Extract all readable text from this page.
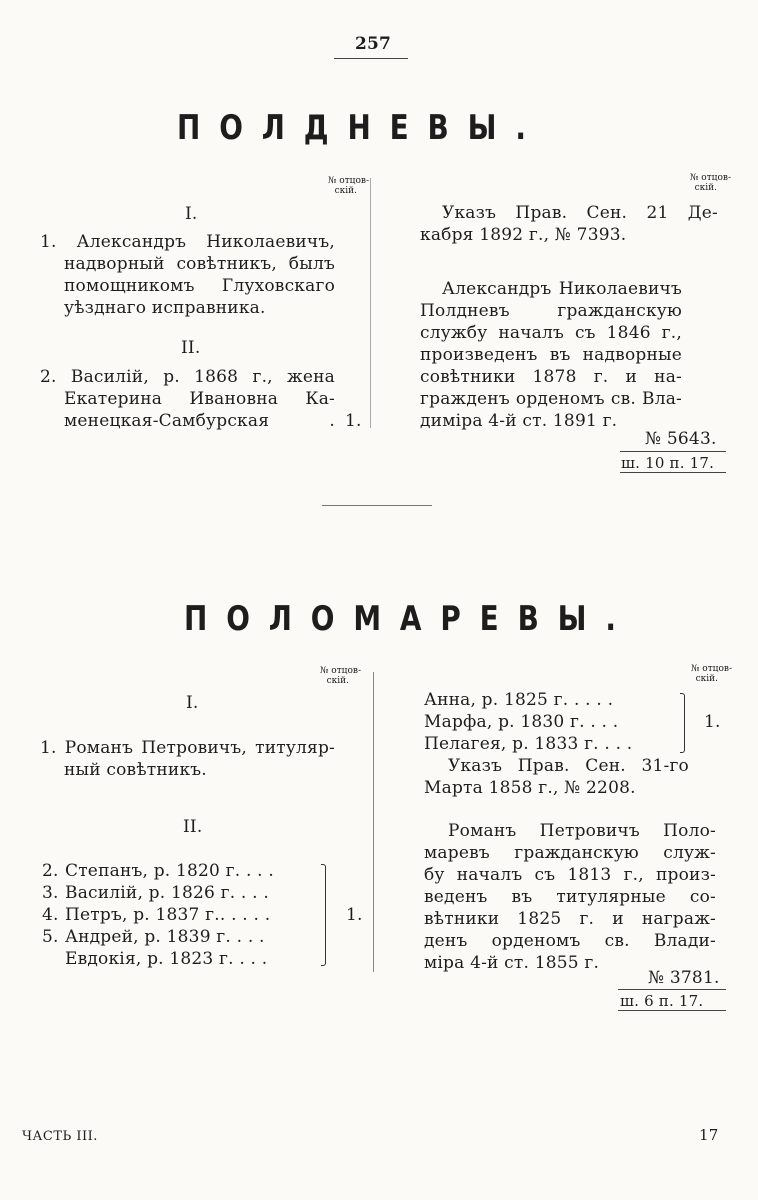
257
ПОЛДНЕВЫ.
№ отцов-
скій.
№ отцов-
скій.
I.
1. Александръ Николаевичъ,
надворный совѣтникъ, былъ
помощникомъ Глуховскаго
уѣзднаго исправника.
II.
2. Василій, р. 1868 г., жена
Екатерина Ивановна Ка-
менецкая-Самбурская . 1.
Указъ Прав. Сен. 21 Де-
кабря 1892 г., № 7393.
Александръ Николаевичъ
Полдневъ гражданскую
службу началъ съ 1846 г.,
произведенъ въ надворные
совѣтники 1878 г. и на-
гражденъ орденомъ св. Вла-
диміра 4-й ст. 1891 г.
№ 5643.
ш. 10 п. 17.
ПОЛОМАРЕВЫ.
№ отцов-
скій.
№ отцов-
скій.
I.
1. Романъ Петровичъ, титуляр-
ный совѣтникъ.
II.
2. Степанъ, р. 1820 г. . . .
3. Василій, р. 1826 г. . . .
4. Петръ, р. 1837 г.. . . . .
5. Андрей, р. 1839 г. . . .
Евдокія, р. 1823 г. . . .
1.
Анна, р. 1825 г. . . . .
Марфа, р. 1830 г. . . .
Пелагея, р. 1833 г. . . .
1.
Указъ Прав. Сен. 31-го
Марта 1858 г., № 2208.
Романъ Петровичъ Поло-
маревъ гражданскую служ-
бу началъ съ 1813 г., произ-
веденъ въ титулярные со-
вѣтники 1825 г. и награж-
денъ орденомъ св. Влади-
міра 4-й ст. 1855 г.
№ 3781.
ш. 6 п. 17.
ЧАСТЬ III.	17
